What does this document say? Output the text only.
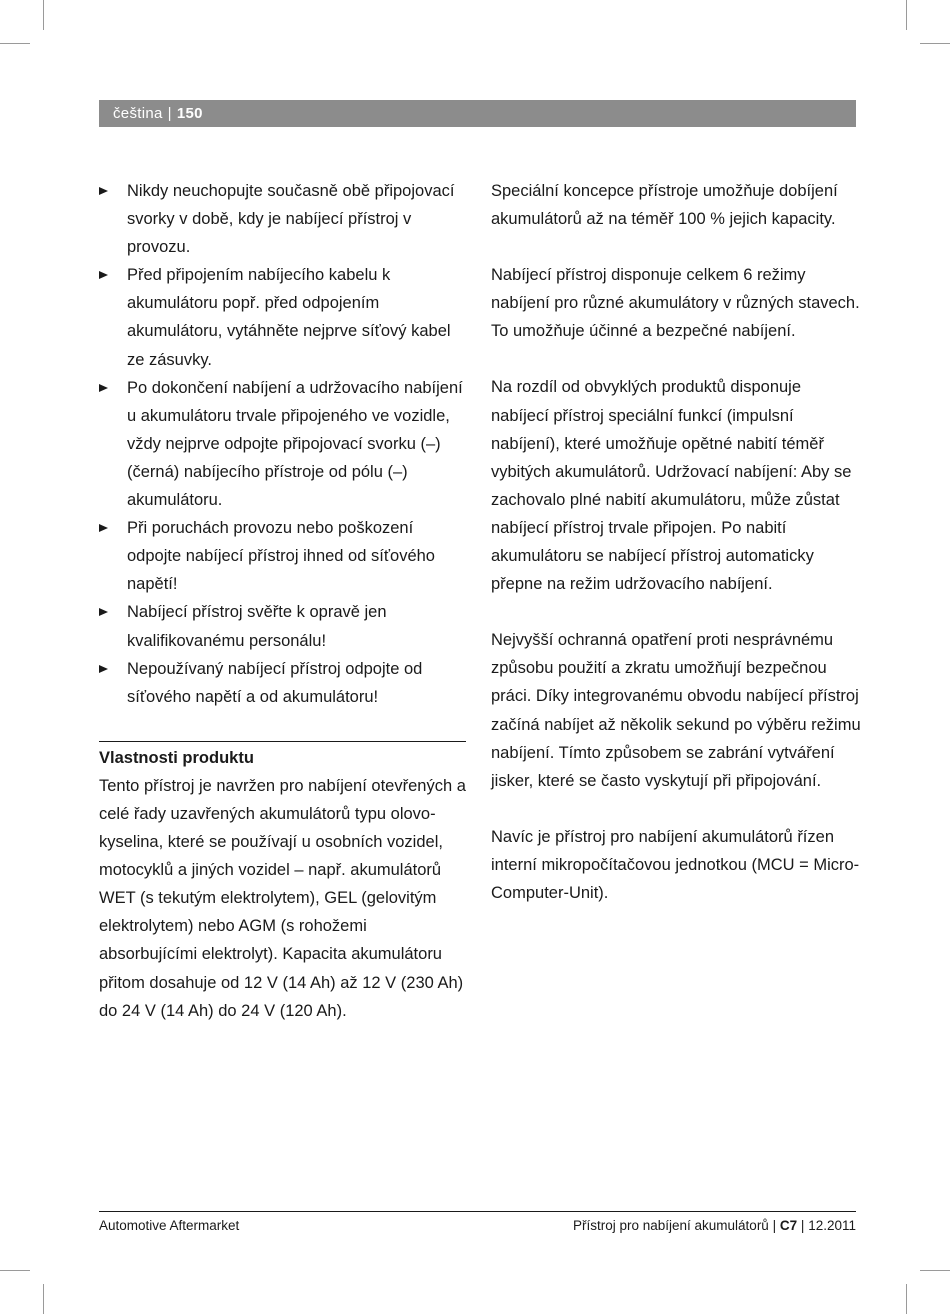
čeština | 150
Nikdy neuchopujte současně obě připojovací svorky v době, kdy je nabíjecí přístroj v provozu.
Před připojením nabíjecího kabelu k akumulátoru popř. před odpojením akumulátoru, vytáhněte nejprve síťový kabel ze zásuvky.
Po dokončení nabíjení a udržovacího nabíjení u akumulátoru trvale připojeného ve vozidle, vždy nejprve odpojte připojovací svorku (–) (černá) nabíjecího přístroje od pólu (–) akumulátoru.
Při poruchách provozu nebo poškození odpojte nabíjecí přístroj ihned od síťového napětí!
Nabíjecí přístroj svěřte k opravě jen kvalifikovanému personálu!
Nepoužívaný nabíjecí přístroj odpojte od síťového napětí a od akumulátoru!

Vlastnosti produktu

Tento přístroj je navržen pro nabíjení otevřených a celé řady uzavřených akumulátorů typu olovo-kyselina, které se používají u osobních vozidel, motocyklů a jiných vozidel – např. akumulátorů WET (s tekutým elektrolytem), GEL (gelovitým elektrolytem) nebo AGM (s rohožemi absorbujícími elektrolyt). Kapacita akumulátoru přitom dosahuje od 12 V (14 Ah) až 12 V (230 Ah) do 24 V (14 Ah) do 24 V (120 Ah).

Speciální koncepce přístroje umožňuje dobíjení akumulátorů až na téměř 100 % jejich kapacity.

Nabíjecí přístroj disponuje celkem 6 režimy nabíjení pro různé akumulátory v různých stavech. To umožňuje účinné a bezpečné nabíjení.

Na rozdíl od obvyklých produktů disponuje nabíjecí přístroj speciální funkcí (impulsní nabíjení), které umožňuje opětné nabití téměř vybitých akumulátorů. Udržovací nabíjení: Aby se zachovalo plné nabití akumulátoru, může zůstat nabíjecí přístroj trvale připojen. Po nabití akumulátoru se nabíjecí přístroj automaticky přepne na režim udržovacího nabíjení.

Nejvyšší ochranná opatření proti nesprávnému způsobu použití a zkratu umožňují bezpečnou práci. Díky integrovanému obvodu nabíjecí přístroj začíná nabíjet až několik sekund po výběru režimu nabíjení. Tímto způsobem se zabrání vytváření jisker, které se často vyskytují při připojování.

Navíc je přístroj pro nabíjení akumulátorů řízen interní mikropočítačovou jednotkou (MCU = Micro-Computer-Unit).

Automotive Aftermarket	Přístroj pro nabíjení akumulátorů | C7 | 12.2011
